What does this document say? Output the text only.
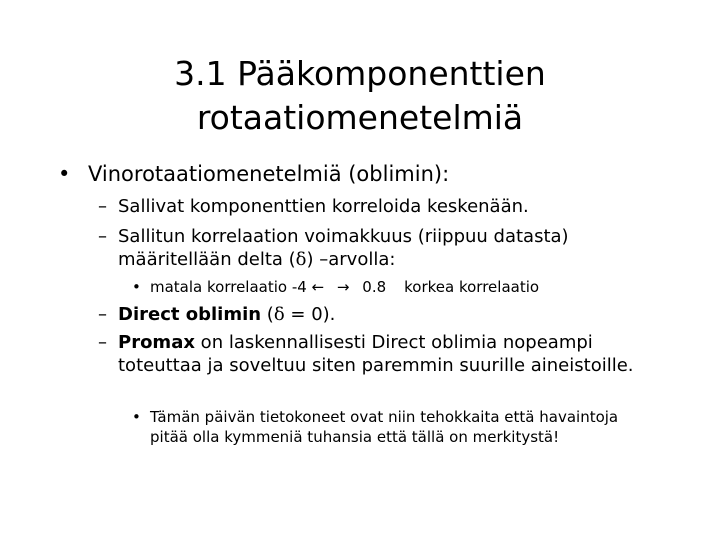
3.1 Pääkomponenttien
rotaatiomenetelmiä
• Vinorotaatiomenetelmiä (oblimin):
– Sallivat komponenttien korreloida keskenään.
– Sallitun korrelaation voimakkuus (riippuu datasta)
määritellään delta (δ) –arvolla:
• matala korrelaatio -4 ← → 0.8 korkea korrelaatio
– Direct oblimin (δ = 0).
– Promax on laskennallisesti Direct oblimia nopeampi toteuttaa ja soveltuu siten paremmin suurille aineistoille.
• Tämän päivän tietokoneet ovat niin tehokkaita että havaintoja pitää olla kymmeniä tuhansia että tällä on merkitystä!
